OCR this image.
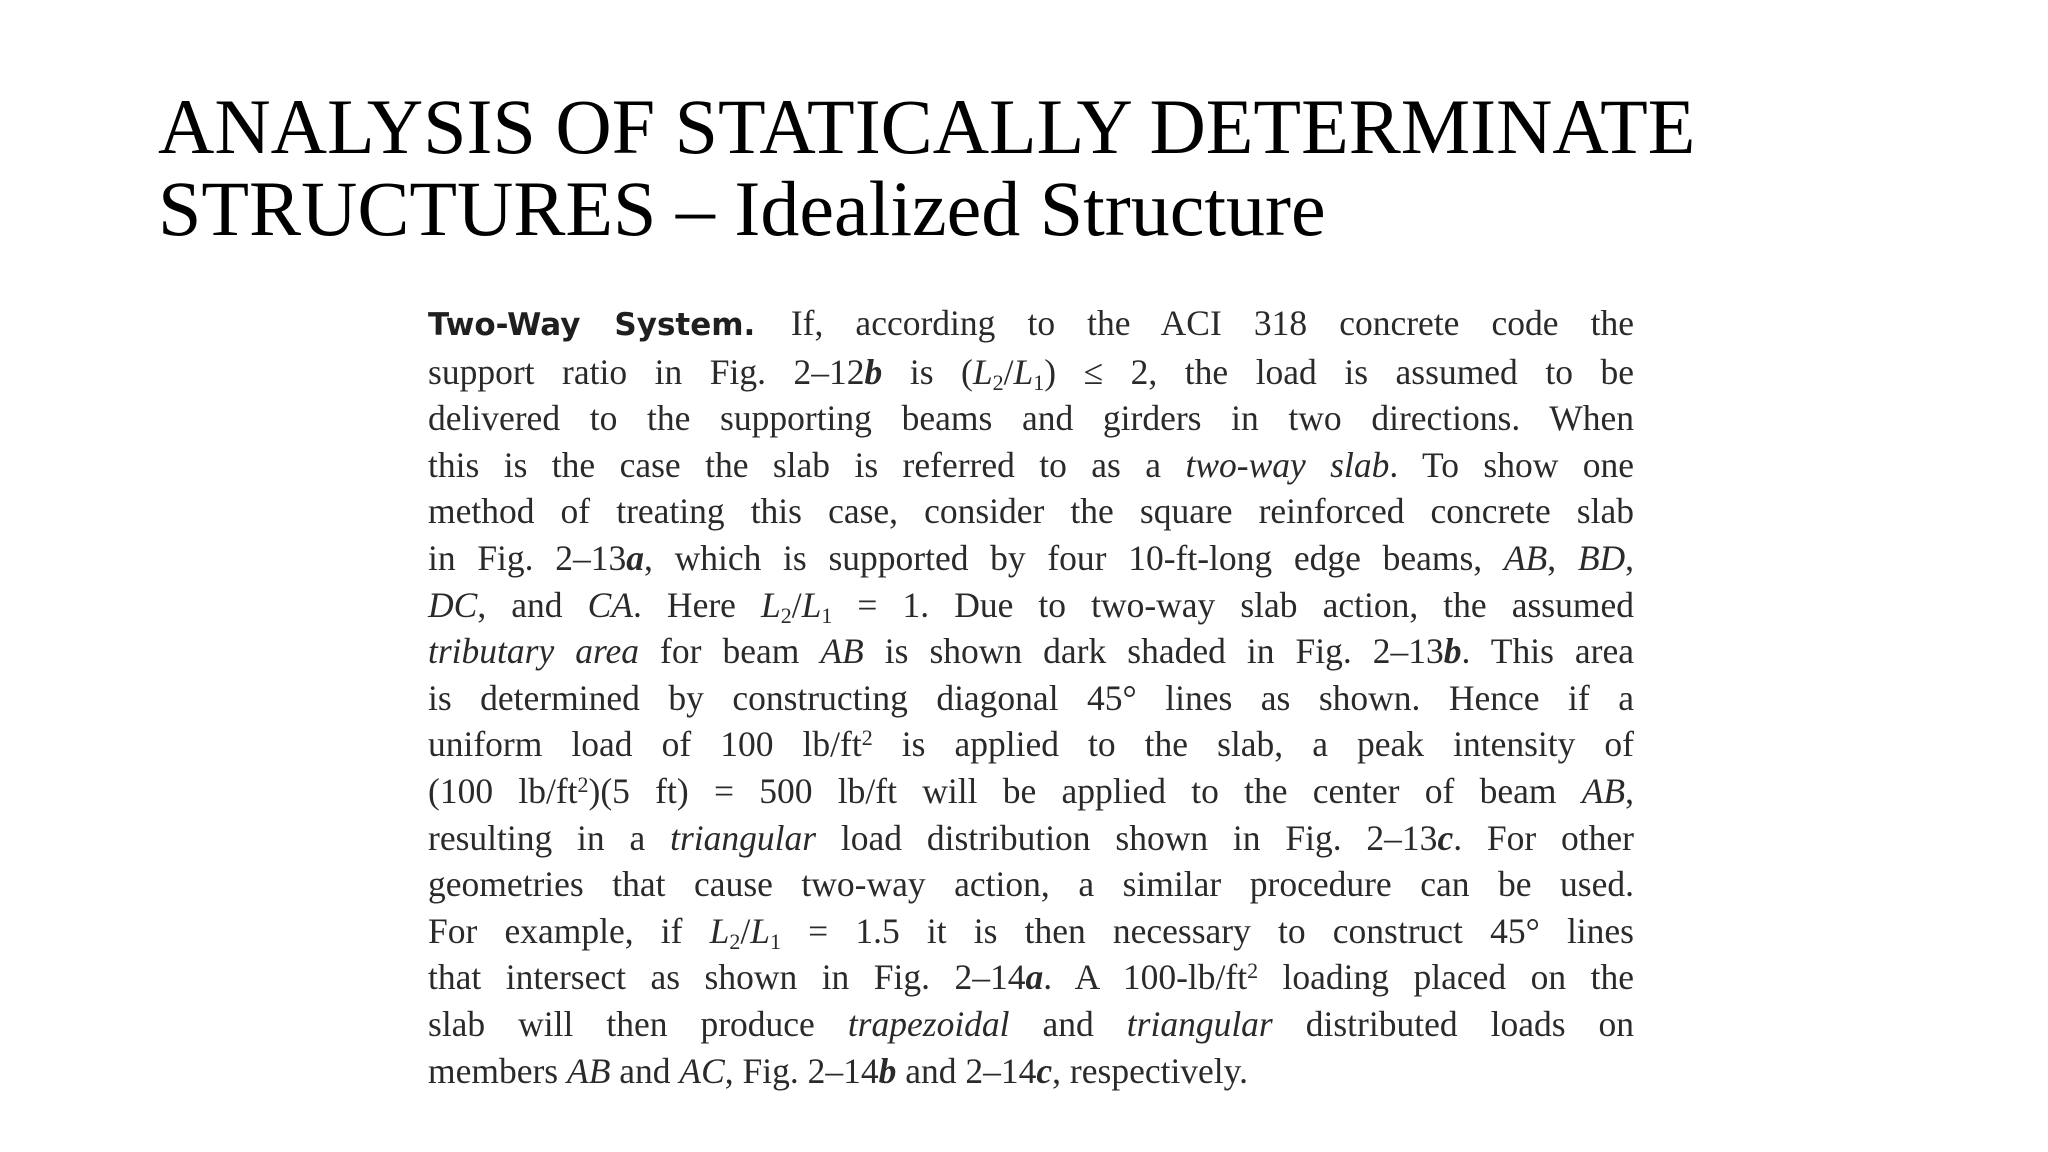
ANALYSIS OF STATICALLY DETERMINATE
STRUCTURES – Idealized Structure
Two-Way System.  If, according to the ACI 318 concrete code the
support ratio in Fig. 2–12b is $(L_2/L_1) \le 2$, the load is assumed to be
delivered to the supporting beams and girders in two directions. When
this is the case the slab is referred to as a two-way slab. To show one
method of treating this case, consider the square reinforced concrete slab
in Fig. 2–13a, which is supported by four 10-ft-long edge beams, AB, BD,
DC, and CA. Here $L_2/L_1 = 1$. Due to two-way slab action, the assumed
tributary area for beam AB is shown dark shaded in Fig. 2–13b. This area
is determined by constructing diagonal 45° lines as shown. Hence if a
uniform load of 100 $lb/ft^2$ is applied to the slab, a peak intensity of
(100 $lb/ft^2)(5$ ft) = 500 lb/ft will be applied to the center of beam AB,
resulting in a triangular load distribution shown in Fig. 2–13c. For other
geometries that cause two-way action, a similar procedure can be used.
For example, if $L_2/L_1 = 1.5$ it is then necessary to construct 45° lines
that intersect as shown in Fig. 2–14a. A $100-lb/ft^2$ loading placed on the
slab will then produce trapezoidal and triangular distributed loads on
members AB and AC, Fig. 2–14b and 2–14c, respectively.
